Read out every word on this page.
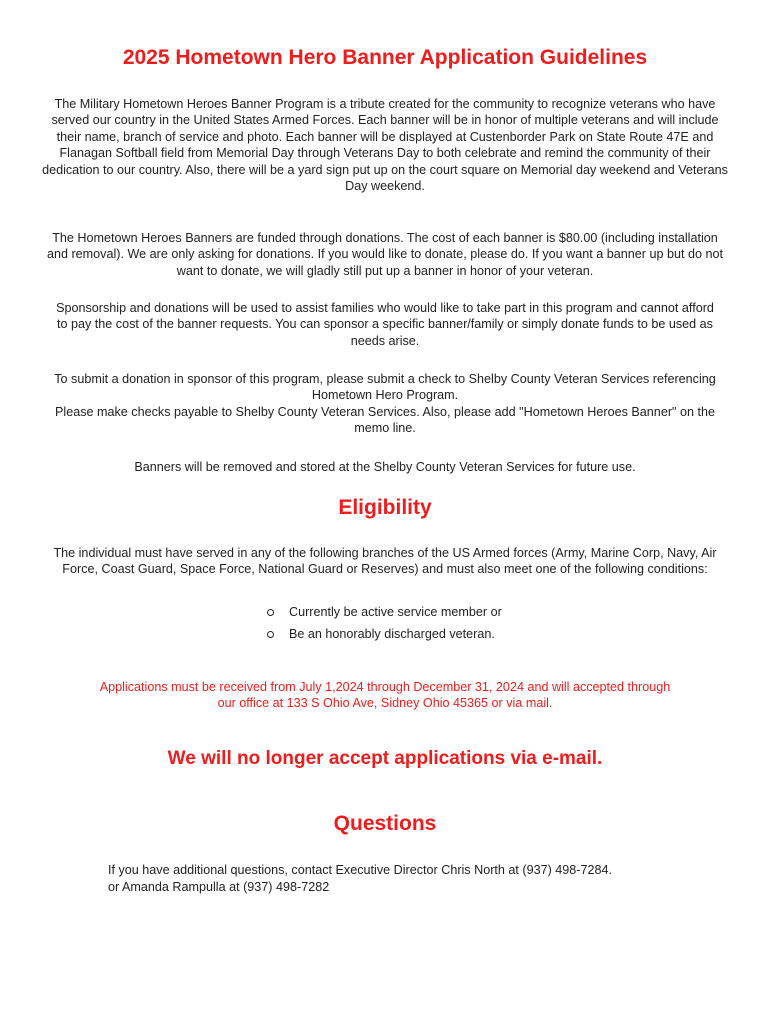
2025 Hometown Hero Banner Application Guidelines

The Military Hometown Heroes Banner Program is a tribute created for the community to recognize veterans who have served our country in the United States Armed Forces. Each banner will be in honor of multiple veterans and will include their name, branch of service and photo. Each banner will be displayed at Custenborder Park on State Route 47E and Flanagan Softball field from Memorial Day through Veterans Day to both celebrate and remind the community of their dedication to our country. Also, there will be a yard sign put up on the court square on Memorial day weekend and Veterans Day weekend.

The Hometown Heroes Banners are funded through donations. The cost of each banner is $80.00 (including installation and removal). We are only asking for donations. If you would like to donate, please do. If you want a banner up but do not want to donate, we will gladly still put up a banner in honor of your veteran.

Sponsorship and donations will be used to assist families who would like to take part in this program and cannot afford to pay the cost of the banner requests. You can sponsor a specific banner/family or simply donate funds to be used as needs arise.

To submit a donation in sponsor of this program, please submit a check to Shelby County Veteran Services referencing Hometown Hero Program.

Please make checks payable to Shelby County Veteran Services. Also, please add "Hometown Heroes Banner" on the memo line.

Banners will be removed and stored at the Shelby County Veteran Services for future use.

Eligibility

The individual must have served in any of the following branches of the US Armed forces (Army, Marine Corp, Navy, Air Force, Coast Guard, Space Force, National Guard or Reserves) and must also meet one of the following conditions:

Currently be active service member or
Be an honorably discharged veteran.

Applications must be received from July 1,2024 through December 31, 2024 and will accepted through our office at 133 S Ohio Ave, Sidney Ohio 45365 or via mail.

We will no longer accept applications via e-mail.
Questions
If you have additional questions, contact Executive Director Chris North at (937) 498-7284.
or Amanda Rampulla at (937) 498-7282
